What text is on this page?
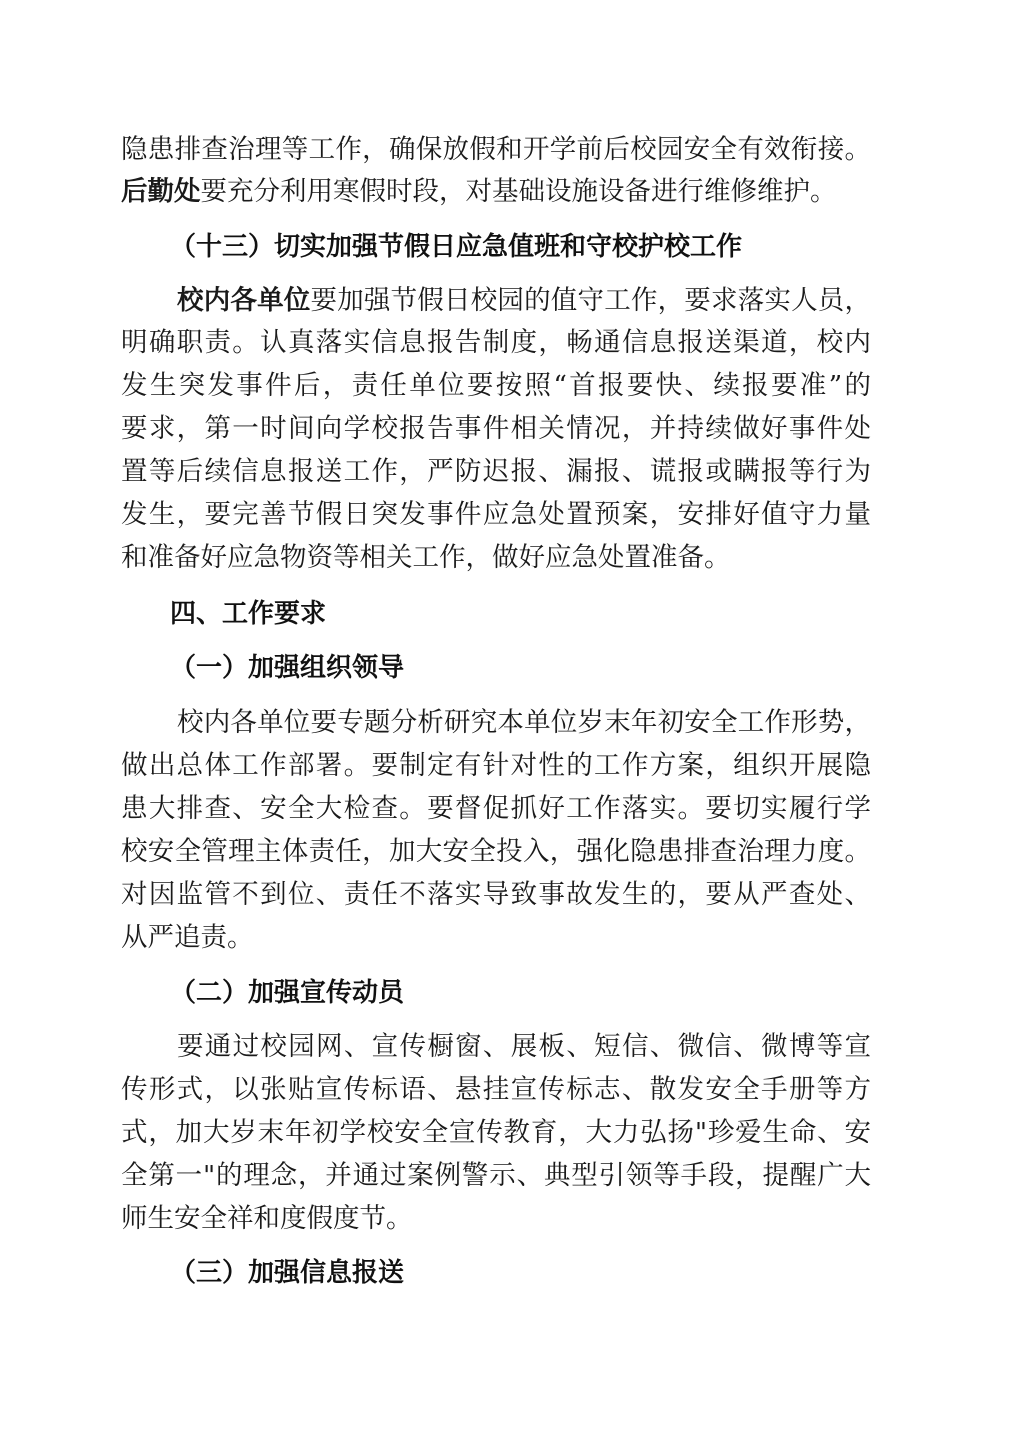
隐患排查治理等工作，确保放假和开学前后校园安全有效衔接。
后勤处要充分利用寒假时段，对基础设施设备进行维修维护。
（十三）切实加强节假日应急值班和守校护校工作
校内各单位要加强节假日校园的值守工作，要求落实人员，
明确职责。认真落实信息报告制度，畅通信息报送渠道，校内
发生突发事件后，责任单位要按照“首报要快、续报要准”的
要求，第一时间向学校报告事件相关情况，并持续做好事件处
置等后续信息报送工作，严防迟报、漏报、谎报或瞒报等行为
发生，要完善节假日突发事件应急处置预案，安排好值守力量
和准备好应急物资等相关工作，做好应急处置准备。
四、工作要求
（一）加强组织领导
校内各单位要专题分析研究本单位岁末年初安全工作形势，
做出总体工作部署。要制定有针对性的工作方案，组织开展隐
患大排查、安全大检查。要督促抓好工作落实。要切实履行学
校安全管理主体责任，加大安全投入，强化隐患排查治理力度。
对因监管不到位、责任不落实导致事故发生的，要从严查处、
从严追责。
（二）加强宣传动员
要通过校园网、宣传橱窗、展板、短信、微信、微博等宣
传形式，以张贴宣传标语、悬挂宣传标志、散发安全手册等方
式，加大岁末年初学校安全宣传教育，大力弘扬"珍爱生命、安
全第一"的理念，并通过案例警示、典型引领等手段，提醒广大
师生安全祥和度假度节。
（三）加强信息报送
